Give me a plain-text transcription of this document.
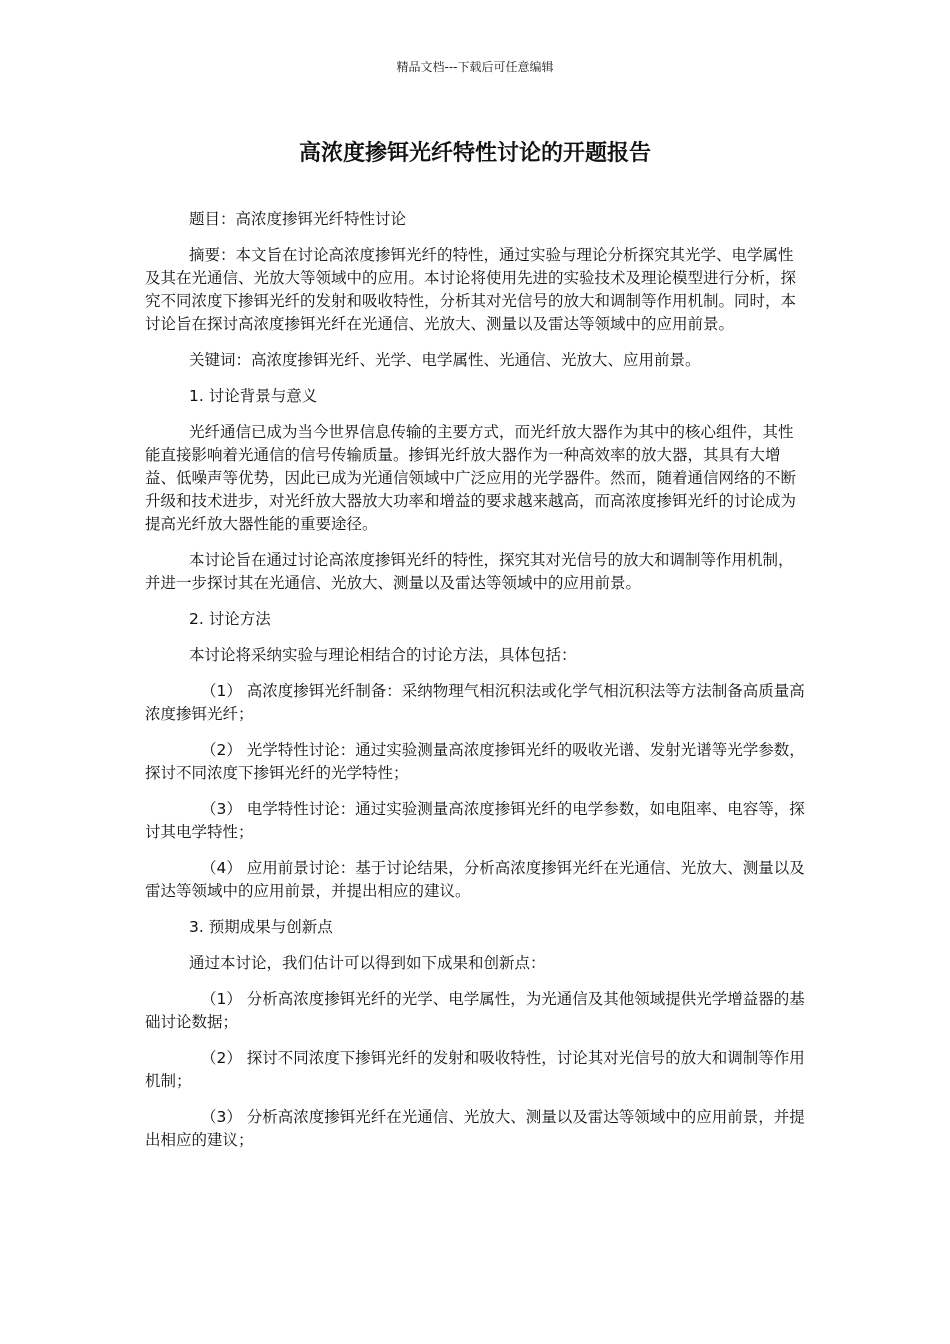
精品文档---下载后可任意编辑
高浓度掺铒光纤特性讨论的开题报告

题目：高浓度掺铒光纤特性讨论

摘要：本文旨在讨论高浓度掺铒光纤的特性，通过实验与理论分析探究其光学、电学属性及其在光通信、光放大等领域中的应用。本讨论将使用先进的实验技术及理论模型进行分析，探究不同浓度下掺铒光纤的发射和吸收特性，分析其对光信号的放大和调制等作用机制。同时，本讨论旨在探讨高浓度掺铒光纤在光通信、光放大、测量以及雷达等领域中的应用前景。

关键词：高浓度掺铒光纤、光学、电学属性、光通信、光放大、应用前景。

1. 讨论背景与意义

光纤通信已成为当今世界信息传输的主要方式，而光纤放大器作为其中的核心组件，其性能直接影响着光通信的信号传输质量。掺铒光纤放大器作为一种高效率的放大器，其具有大增益、低噪声等优势，因此已成为光通信领域中广泛应用的光学器件。然而，随着通信网络的不断升级和技术进步，对光纤放大器放大功率和增益的要求越来越高，而高浓度掺铒光纤的讨论成为提高光纤放大器性能的重要途径。

本讨论旨在通过讨论高浓度掺铒光纤的特性，探究其对光信号的放大和调制等作用机制，并进一步探讨其在光通信、光放大、测量以及雷达等领域中的应用前景。

2. 讨论方法

本讨论将采纳实验与理论相结合的讨论方法，具体包括：

（1） 高浓度掺铒光纤制备：采纳物理气相沉积法或化学气相沉积法等方法制备高质量高浓度掺铒光纤；

（2） 光学特性讨论：通过实验测量高浓度掺铒光纤的吸收光谱、发射光谱等光学参数，探讨不同浓度下掺铒光纤的光学特性；

（3） 电学特性讨论：通过实验测量高浓度掺铒光纤的电学参数，如电阻率、电容等，探讨其电学特性；

（4） 应用前景讨论：基于讨论结果，分析高浓度掺铒光纤在光通信、光放大、测量以及雷达等领域中的应用前景，并提出相应的建议。

3. 预期成果与创新点

通过本讨论，我们估计可以得到如下成果和创新点：

（1） 分析高浓度掺铒光纤的光学、电学属性，为光通信及其他领域提供光学增益器的基础讨论数据；

（2） 探讨不同浓度下掺铒光纤的发射和吸收特性，讨论其对光信号的放大和调制等作用机制；

（3） 分析高浓度掺铒光纤在光通信、光放大、测量以及雷达等领域中的应用前景，并提出相应的建议；
